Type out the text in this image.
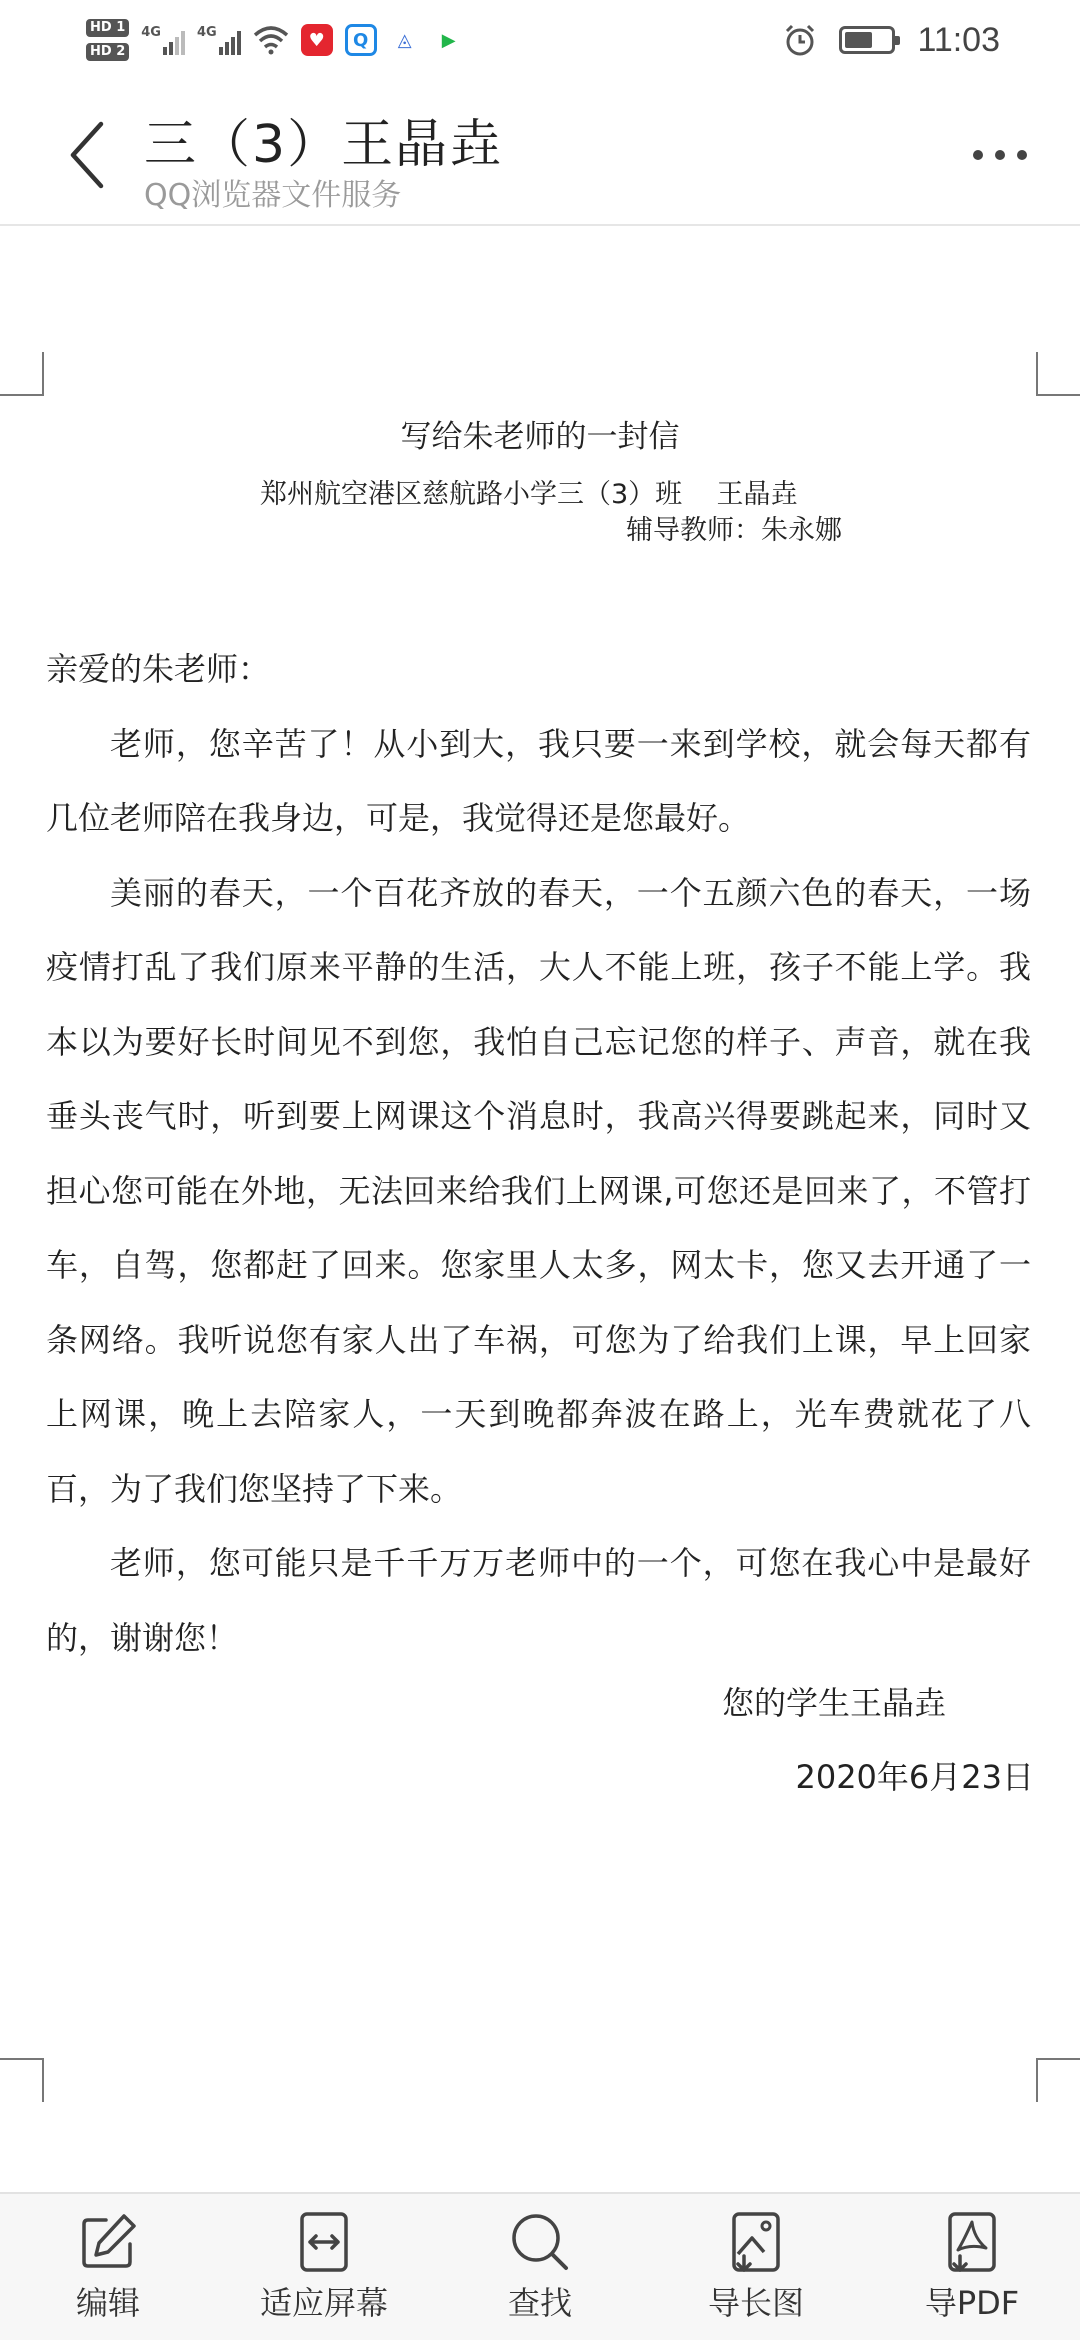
HD 1
HD 2
4G	4G	♥	Q	◬	▶	11:03
三（3）王晶垚
QQ浏览器文件服务
写给朱老师的一封信
郑州航空港区慈航路小学三（3）班    王晶垚
辅导教师：朱永娜

亲爱的朱老师：

老师，您辛苦了！从小到大，我只要一来到学校，就会每天都有几位老师陪在我身边，可是，我觉得还是您最好。

美丽的春天，一个百花齐放的春天，一个五颜六色的春天，一场疫情打乱了我们原来平静的生活，大人不能上班，孩子不能上学。我本以为要好长时间见不到您，我怕自己忘记您的样子、声音，就在我垂头丧气时，听到要上网课这个消息时，我高兴得要跳起来，同时又担心您可能在外地，无法回来给我们上网课,可您还是回来了，不管打车，自驾，您都赶了回来。您家里人太多，网太卡，您又去开通了一条网络。我听说您有家人出了车祸，可您为了给我们上课，早上回家上网课，晚上去陪家人，一天到晚都奔波在路上，光车费就花了八百，为了我们您坚持了下来。

老师，您可能只是千千万万老师中的一个，可您在我心中是最好的，谢谢您！

您的学生王晶垚
2020年6月23日
编辑	适应屏幕	查找	导长图	导PDF
